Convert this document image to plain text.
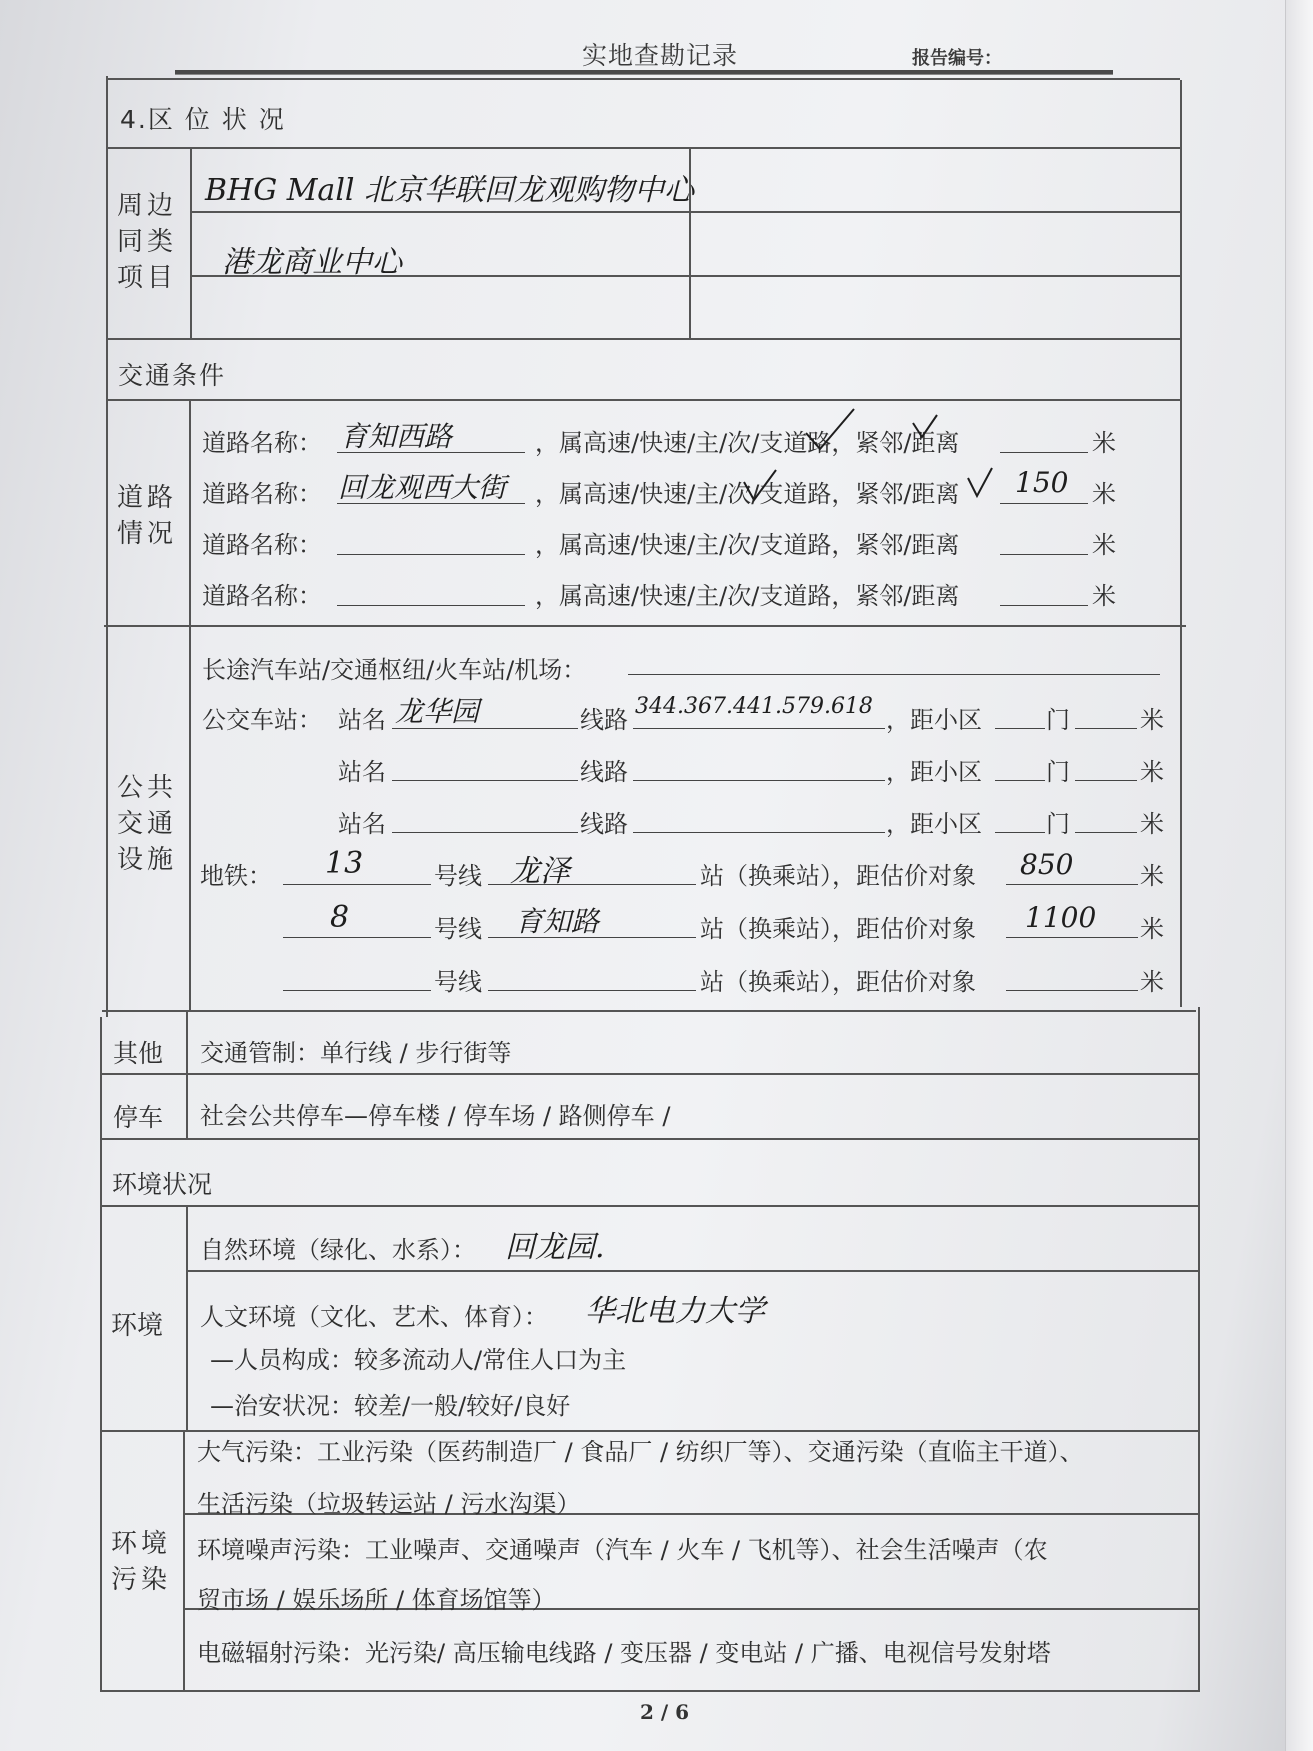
实地查勘记录	报告编号：
4.区 位 状 况
周边同类项目
BHG Mall 北京华联回龙观购物中心
港龙商业中心
交通条件
道路情况
道路名称： 育知西路	，属高速/快速/主/次/支道路，紧邻/距离	米
道路名称： 回龙观西大街 ，属高速/快速/主/次/支道路，紧邻/距离 150 米
道路名称：	，属高速/快速/主/次/支道路，紧邻/距离	米
道路名称：	，属高速/快速/主/次/支道路，紧邻/距离	米
公共交通设施
长途汽车站/交通枢纽/火车站/机场：
公交车站： 站名 龙华园	线路 344.367.441.579.618 ，距小区	门	米
站名	线路	，距小区	门	米
站名	线路	，距小区	门	米
地铁： 13	号线 龙泽	站（换乘站），距估价对象 850	米
8	号线 育知路	站（换乘站），距估价对象 1100 米
号线	站（换乘站），距估价对象	米
其他 交通管制：单行线 / 步行街等
停车 社会公共停车—停车楼 / 停车场 / 路侧停车 /
环境状况
环境
自然环境（绿化、水系）： 回龙园.
人文环境（文化、艺术、体育）： 华北电力大学
—人员构成：较多流动人/常住人口为主
—治安状况：较差/一般/较好/良好
环境污染
大气污染：工业污染（医药制造厂 / 食品厂 / 纺织厂等）、交通污染（直临主干道）、
生活污染（垃圾转运站 / 污水沟渠）
环境噪声污染：工业噪声、交通噪声（汽车 / 火车 / 飞机等）、社会生活噪声（农
贸市场 / 娱乐场所 / 体育场馆等）
电磁辐射污染：光污染/ 高压输电线路 / 变压器 / 变电站 / 广播、电视信号发射塔
2 / 6
